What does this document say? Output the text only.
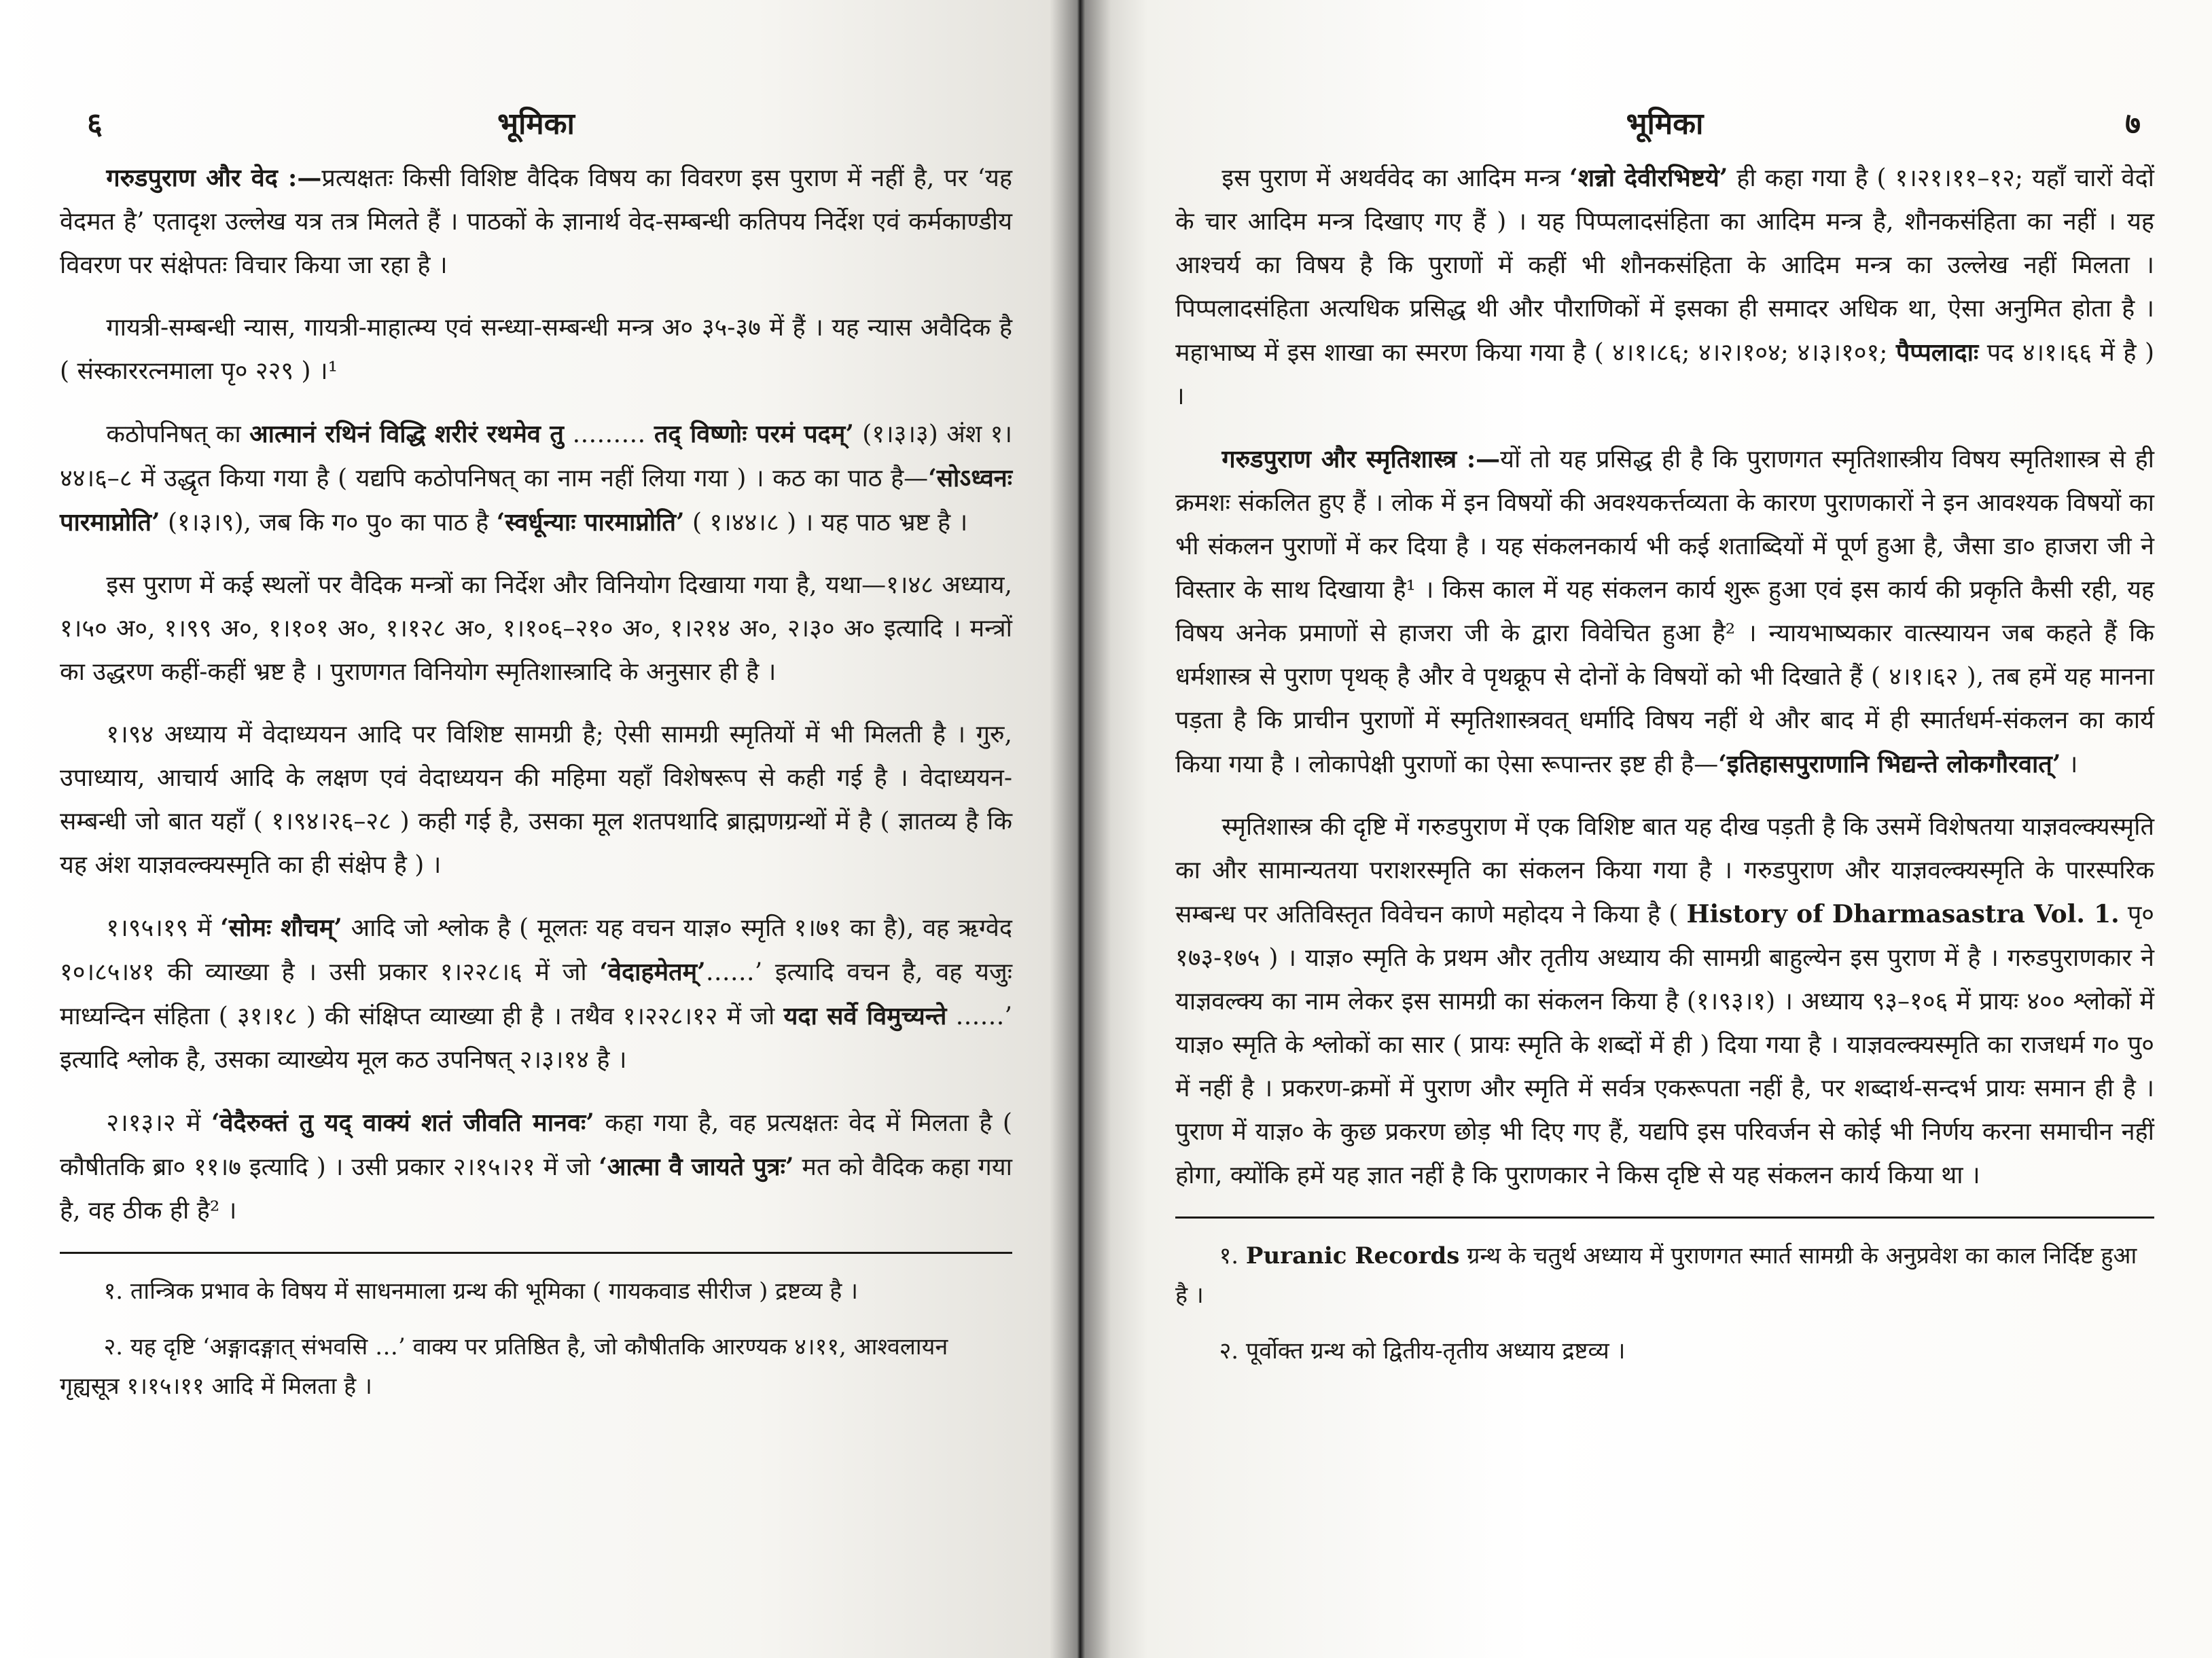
६	भूमिका

गरुडपुराण और वेद :—प्रत्यक्षतः किसी विशिष्ट वैदिक विषय का विवरण इस पुराण में नहीं है, पर ‘यह वेदमत है’ एतादृश उल्लेख यत्र तत्र मिलते हैं । पाठकों के ज्ञानार्थ वेद-सम्बन्धी कतिपय निर्देश एवं कर्मकाण्डीय विवरण पर संक्षेपतः विचार किया जा रहा है ।

गायत्री-सम्बन्धी न्यास, गायत्री-माहात्म्य एवं सन्ध्या-सम्बन्धी मन्त्र अ० ३५-३७ में हैं । यह न्यास अवैदिक है ( संस्काररत्नमाला पृ० २२९ ) ।¹

कठोपनिषत् का आत्मानं रथिनं विद्धि शरीरं रथमेव तु ……… तद् विष्णोः परमं पदम्’ (१।३।३) अंश १।४४।६–८ में उद्धृत किया गया है ( यद्यपि कठोपनिषत् का नाम नहीं लिया गया ) । कठ का पाठ है—‘सोऽध्वनः पारमाप्नोति’ (१।३।९), जब कि ग० पु० का पाठ है ‘स्वर्धून्याः पारमाप्नोति’ ( १।४४।८ ) । यह पाठ भ्रष्ट है ।

इस पुराण में कई स्थलों पर वैदिक मन्त्रों का निर्देश और विनियोग दिखाया गया है, यथा—१।४८ अध्याय, १।५० अ०, १।९९ अ०, १।१०१ अ०, १।१२८ अ०, १।१०६–२१० अ०, १।२१४ अ०, २।३० अ० इत्यादि । मन्त्रों का उद्धरण कहीं-कहीं भ्रष्ट है । पुराणगत विनियोग स्मृतिशास्त्रादि के अनुसार ही है ।

१।९४ अध्याय में वेदाध्ययन आदि पर विशिष्ट सामग्री है; ऐसी सामग्री स्मृतियों में भी मिलती है । गुरु, उपाध्याय, आचार्य आदि के लक्षण एवं वेदाध्ययन की महिमा यहाँ विशेषरूप से कही गई है । वेदाध्ययन-सम्बन्धी जो बात यहाँ ( १।९४।२६–२८ ) कही गई है, उसका मूल शतपथादि ब्राह्मणग्रन्थों में है ( ज्ञातव्य है कि यह अंश याज्ञवल्क्यस्मृति का ही संक्षेप है ) ।

१।९५।१९ में ‘सोमः शौचम्’ आदि जो श्लोक है ( मूलतः यह वचन याज्ञ० स्मृति १।७१ का है), वह ऋग्वेद १०।८५।४१ की व्याख्या है । उसी प्रकार १।२२८।६ में जो ‘वेदाहमेतम्’……’ इत्यादि वचन है, वह यजुः माध्यन्दिन संहिता ( ३१।१८ ) की संक्षिप्त व्याख्या ही है । तथैव १।२२८।१२ में जो यदा सर्वे विमुच्यन्ते ……’ इत्यादि श्लोक है, उसका व्याख्येय मूल कठ उपनिषत् २।३।१४ है ।

२।१३।२ में ‘वेदैरुक्तं तु यद् वाक्यं शतं जीवति मानवः’ कहा गया है, वह प्रत्यक्षतः वेद में मिलता है ( कौषीतकि ब्रा० ११।७ इत्यादि ) । उसी प्रकार २।१५।२१ में जो ‘आत्मा वै जायते पुत्रः’ मत को वैदिक कहा गया है, वह ठीक ही है² ।

१. तान्त्रिक प्रभाव के विषय में साधनमाला ग्रन्थ की भूमिका ( गायकवाड सीरीज ) द्रष्टव्य है ।

२. यह दृष्टि ‘अङ्गादङ्गात् संभवसि …’ वाक्य पर प्रतिष्ठित है, जो कौषीतकि आरण्यक ४।११, आश्वलायन गृह्यसूत्र १।१५।११ आदि में मिलता है ।

भूमिका	७

इस पुराण में अथर्ववेद का आदिम मन्त्र ‘शन्नो देवीरभिष्टये’ ही कहा गया है ( १।२१।११–१२; यहाँ चारों वेदों के चार आदिम मन्त्र दिखाए गए हैं ) । यह पिप्पलादसंहिता का आदिम मन्त्र है, शौनकसंहिता का नहीं । यह आश्चर्य का विषय है कि पुराणों में कहीं भी शौनकसंहिता के आदिम मन्त्र का उल्लेख नहीं मिलता । पिप्पलादसंहिता अत्यधिक प्रसिद्ध थी और पौराणिकों में इसका ही समादर अधिक था, ऐसा अनुमित होता है । महाभाष्य में इस शाखा का स्मरण किया गया है ( ४।१।८६; ४।२।१०४; ४।३।१०१; पैप्पलादाः पद ४।१।६६ में है ) ।

गरुडपुराण और स्मृतिशास्त्र :—यों तो यह प्रसिद्ध ही है कि पुराणगत स्मृतिशास्त्रीय विषय स्मृतिशास्त्र से ही क्रमशः संकलित हुए हैं । लोक में इन विषयों की अवश्यकर्त्तव्यता के कारण पुराणकारों ने इन आवश्यक विषयों का भी संकलन पुराणों में कर दिया है । यह संकलनकार्य भी कई शताब्दियों में पूर्ण हुआ है, जैसा डा० हाजरा जी ने विस्तार के साथ दिखाया है¹ । किस काल में यह संकलन कार्य शुरू हुआ एवं इस कार्य की प्रकृति कैसी रही, यह विषय अनेक प्रमाणों से हाजरा जी के द्वारा विवेचित हुआ है² । न्यायभाष्यकार वात्स्यायन जब कहते हैं कि धर्मशास्त्र से पुराण पृथक् है और वे पृथक्रूप से दोनों के विषयों को भी दिखाते हैं ( ४।१।६२ ), तब हमें यह मानना पड़ता है कि प्राचीन पुराणों में स्मृतिशास्त्रवत् धर्मादि विषय नहीं थे और बाद में ही स्मार्तधर्म-संकलन का कार्य किया गया है । लोकापेक्षी पुराणों का ऐसा रूपान्तर इष्ट ही है—‘इतिहासपुराणानि भिद्यन्ते लोकगौरवात्’ ।

स्मृतिशास्त्र की दृष्टि में गरुडपुराण में एक विशिष्ट बात यह दीख पड़ती है कि उसमें विशेषतया याज्ञवल्क्यस्मृति का और सामान्यतया पराशरस्मृति का संकलन किया गया है । गरुडपुराण और याज्ञवल्क्यस्मृति के पारस्परिक सम्बन्ध पर अतिविस्तृत विवेचन काणे महोदय ने किया है ( History of Dharmasastra Vol. 1. पृ० १७३-१७५ ) । याज्ञ० स्मृति के प्रथम और तृतीय अध्याय की सामग्री बाहुल्येन इस पुराण में है । गरुडपुराणकार ने याज्ञवल्क्य का नाम लेकर इस सामग्री का संकलन किया है (१।९३।१) । अध्याय ९३–१०६ में प्रायः ४०० श्लोकों में याज्ञ० स्मृति के श्लोकों का सार ( प्रायः स्मृति के शब्दों में ही ) दिया गया है । याज्ञवल्क्यस्मृति का राजधर्म ग० पु० में नहीं है । प्रकरण-क्रमों में पुराण और स्मृति में सर्वत्र एकरूपता नहीं है, पर शब्दार्थ-सन्दर्भ प्रायः समान ही है । पुराण में याज्ञ० के कुछ प्रकरण छोड़ भी दिए गए हैं, यद्यपि इस परिवर्जन से कोई भी निर्णय करना समाचीन नहीं होगा, क्योंकि हमें यह ज्ञात नहीं है कि पुराणकार ने किस दृष्टि से यह संकलन कार्य किया था ।

१. Puranic Records ग्रन्थ के चतुर्थ अध्याय में पुराणगत स्मार्त सामग्री के अनुप्रवेश का काल निर्दिष्ट हुआ है ।

२. पूर्वोक्त ग्रन्थ को द्वितीय-तृतीय अध्याय द्रष्टव्य ।
